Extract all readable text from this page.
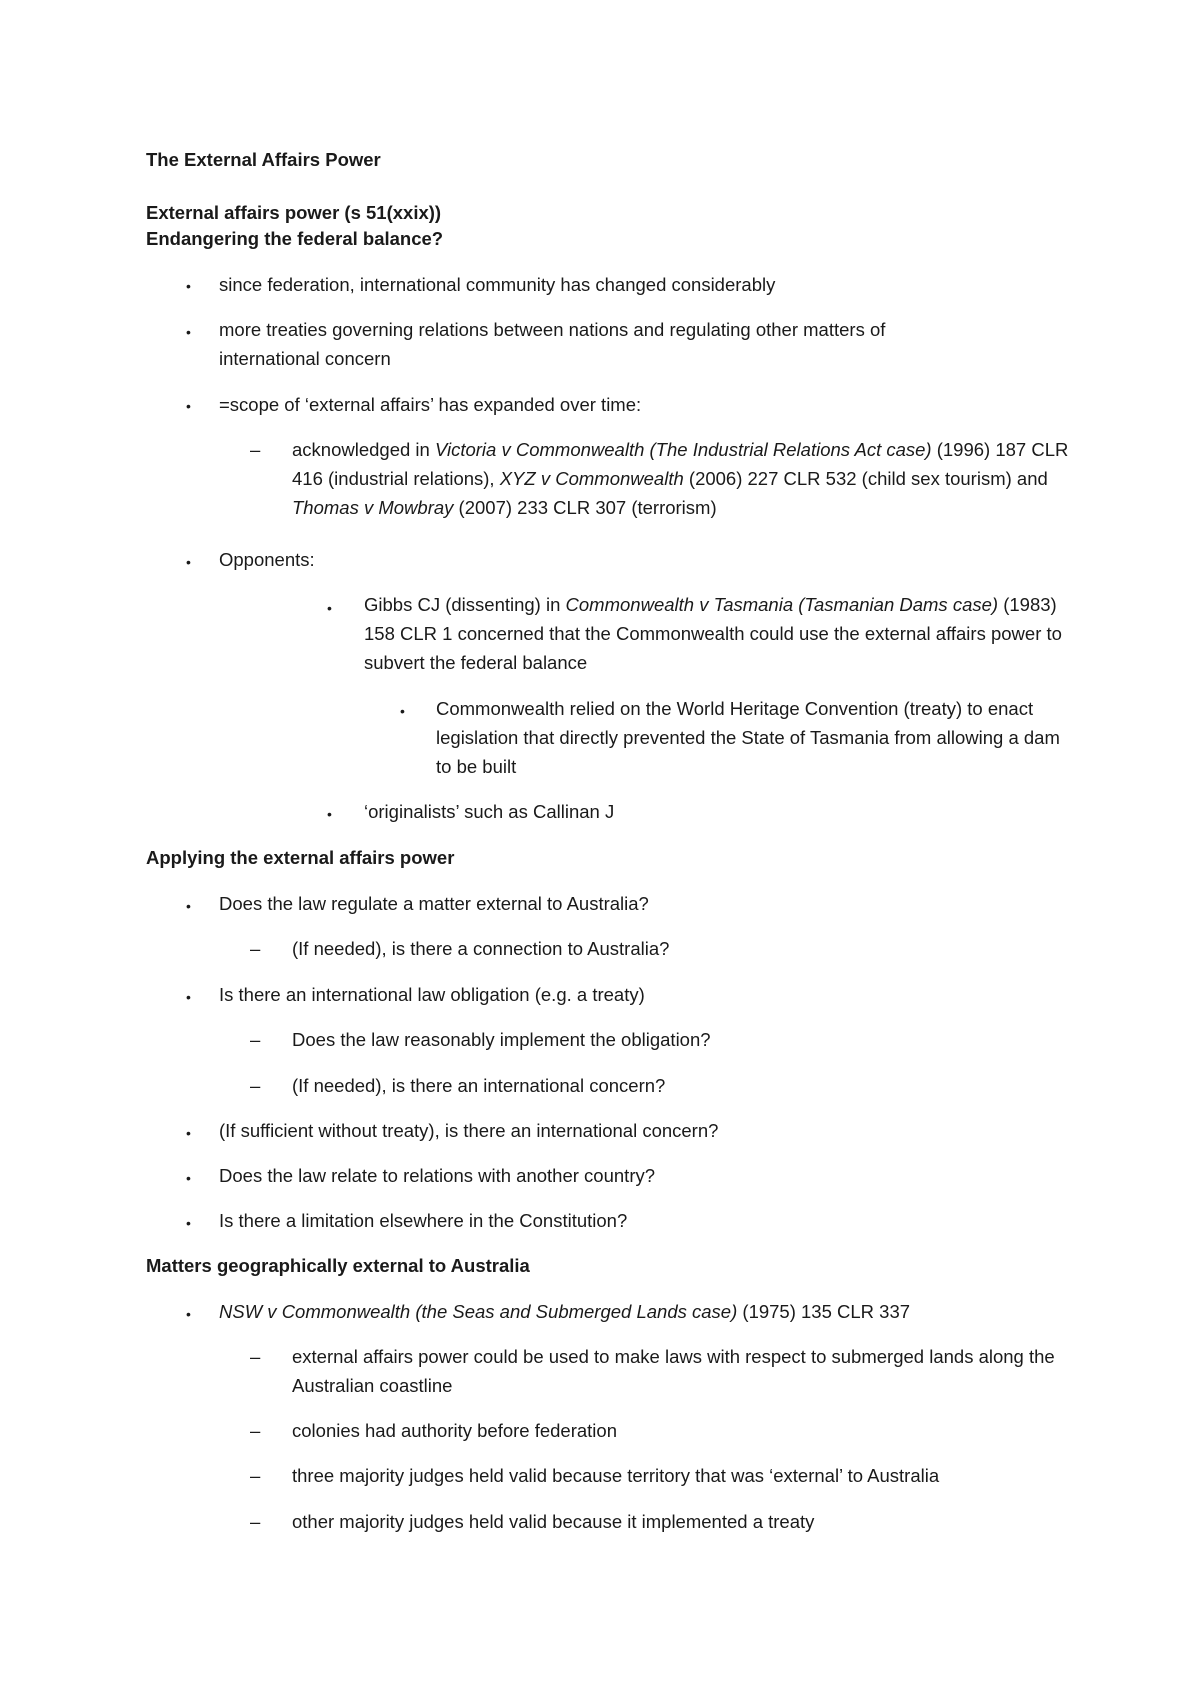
The External Affairs Power
External affairs power (s 51(xxix))
Endangering the federal balance?
• since federation, international community has changed considerably
• more treaties governing relations between nations and regulating other matters of international concern
• =scope of ‘external affairs’ has expanded over time:
– acknowledged in Victoria v Commonwealth (The Industrial Relations Act case) (1996) 187 CLR 416 (industrial relations), XYZ v Commonwealth (2006) 227 CLR 532 (child sex tourism) and Thomas v Mowbray (2007) 233 CLR 307 (terrorism)
• Opponents:
• Gibbs CJ (dissenting) in Commonwealth v Tasmania (Tasmanian Dams case) (1983) 158 CLR 1 concerned that the Commonwealth could use the external affairs power to subvert the federal balance
• Commonwealth relied on the World Heritage Convention (treaty) to enact legislation that directly prevented the State of Tasmania from allowing a dam to be built
• ‘originalists’ such as Callinan J
Applying the external affairs power
• Does the law regulate a matter external to Australia?
– (If needed), is there a connection to Australia?
• Is there an international law obligation (e.g. a treaty)
– Does the law reasonably implement the obligation?
– (If needed), is there an international concern?
• (If sufficient without treaty), is there an international concern?
• Does the law relate to relations with another country?
• Is there a limitation elsewhere in the Constitution?
Matters geographically external to Australia
• NSW v Commonwealth (the Seas and Submerged Lands case) (1975) 135 CLR 337
– external affairs power could be used to make laws with respect to submerged lands along the Australian coastline
– colonies had authority before federation
– three majority judges held valid because territory that was ‘external’ to Australia
– other majority judges held valid because it implemented a treaty
